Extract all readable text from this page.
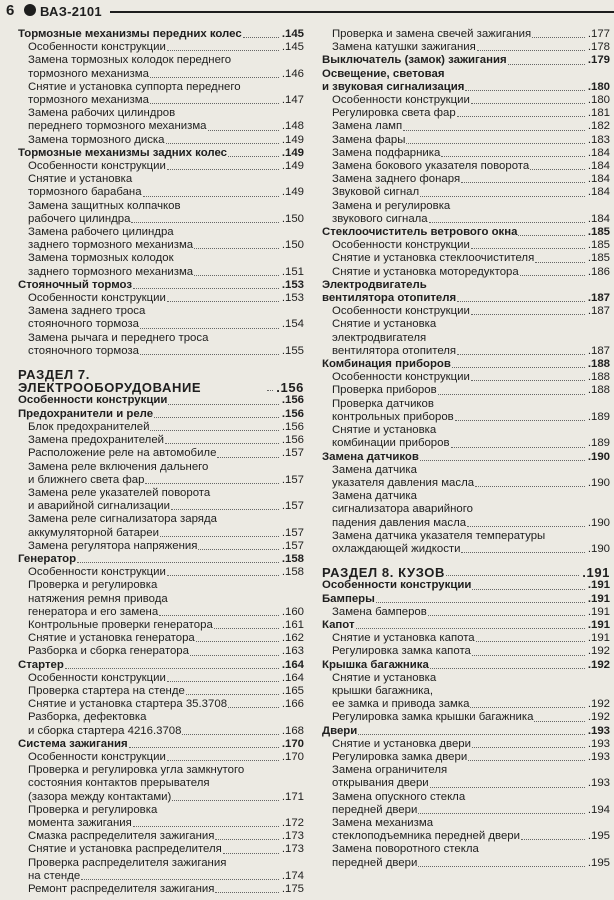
6 ВАЗ-2101
Тормозные механизмы передних колес	.145
Особенности конструкции	.145
Замена тормозных колодок переднего
тормозного механизма	.146
Снятие и установка суппорта переднего
тормозного механизма	.147
Замена рабочих цилиндров
переднего тормозного механизма	.148
Замена тормозного диска	.149
Тормозные механизмы задних колес	.149
Особенности конструкции	.149
Снятие и установка
тормозного барабана	.149
Замена защитных колпачков
рабочего цилиндра	.150
Замена рабочего цилиндра
заднего тормозного механизма	.150
Замена тормозных колодок
заднего тормозного механизма	.151
Стояночный тормоз	.153
Особенности конструкции	.153
Замена заднего троса
стояночного тормоза	.154
Замена рычага и переднего троса
стояночного тормоза	.155
РАЗДЕЛ 7. ЭЛЕКТРООБОРУДОВАНИЕ	.156
Особенности конструкции	.156
Предохранители и реле	.156
Блок предохранителей	.156
Замена предохранителей	.156
Расположение реле на автомобиле	.157
Замена реле включения дальнего
и ближнего света фар	.157
Замена реле указателей поворота
и аварийной сигнализации	.157
Замена реле сигнализатора заряда
аккумуляторной батареи	.157
Замена регулятора напряжения	.157
Генератор	.158
Особенности конструкции	.158
Проверка и регулировка
натяжения ремня привода
генератора и его замена	.160
Контрольные проверки генератора	.161
Снятие и установка генератора	.162
Разборка и сборка генератора	.163
Стартер	.164
Особенности конструкции	.164
Проверка стартера на стенде	.165
Снятие и установка стартера 35.3708	.166
Разборка, дефектовка
и сборка стартера 4216.3708	.168
Система зажигания	.170
Особенности конструкции	.170
Проверка и регулировка угла замкнутого
состояния контактов прерывателя
(зазора между контактами)	.171
Проверка и регулировка
момента зажигания	.172
Смазка распределителя зажигания	.173
Снятие и установка распределителя	.173
Проверка распределителя зажигания
на стенде	.174
Ремонт распределителя зажигания	.175
Проверка и замена свечей зажигания	.177
Замена катушки зажигания	.178
Выключатель (замок) зажигания	.179
Освещение, световая
и звуковая сигнализация	.180
Особенности конструкции	.180
Регулировка света фар	.181
Замена ламп	.182
Замена фары	.183
Замена подфарника	.184
Замена бокового указателя поворота	.184
Замена заднего фонаря	.184
Звуковой сигнал	.184
Замена и регулировка
звукового сигнала	.184
Стеклоочиститель ветрового окна	.185
Особенности конструкции	.185
Снятие и установка стеклоочистителя	.185
Снятие и установка моторедуктора	.186
Электродвигатель
вентилятора отопителя	.187
Особенности конструкции	.187
Снятие и установка
электродвигателя
вентилятора отопителя	.187
Комбинация приборов	.188
Особенности конструкции	.188
Проверка приборов	.188
Проверка датчиков
контрольных приборов	.189
Снятие и установка
комбинации приборов	.189
Замена датчиков	.190
Замена датчика
указателя давления масла	.190
Замена датчика
сигнализатора аварийного
падения давления масла	.190
Замена датчика указателя температуры
охлаждающей жидкости	.190
РАЗДЕЛ 8. КУЗОВ	.191
Особенности конструкции	.191
Бамперы	.191
Замена бамперов	.191
Капот	.191
Снятие и установка капота	.191
Регулировка замка капота	.192
Крышка багажника	.192
Снятие и установка
крышки багажника,
ее замка и привода замка	.192
Регулировка замка крышки багажника	.192
Двери	.193
Снятие и установка двери	.193
Регулировка замка двери	.193
Замена ограничителя
открывания двери	.193
Замена опускного стекла
передней двери	.194
Замена механизма
стеклоподъемника передней двери	.195
Замена поворотного стекла
передней двери	.195
